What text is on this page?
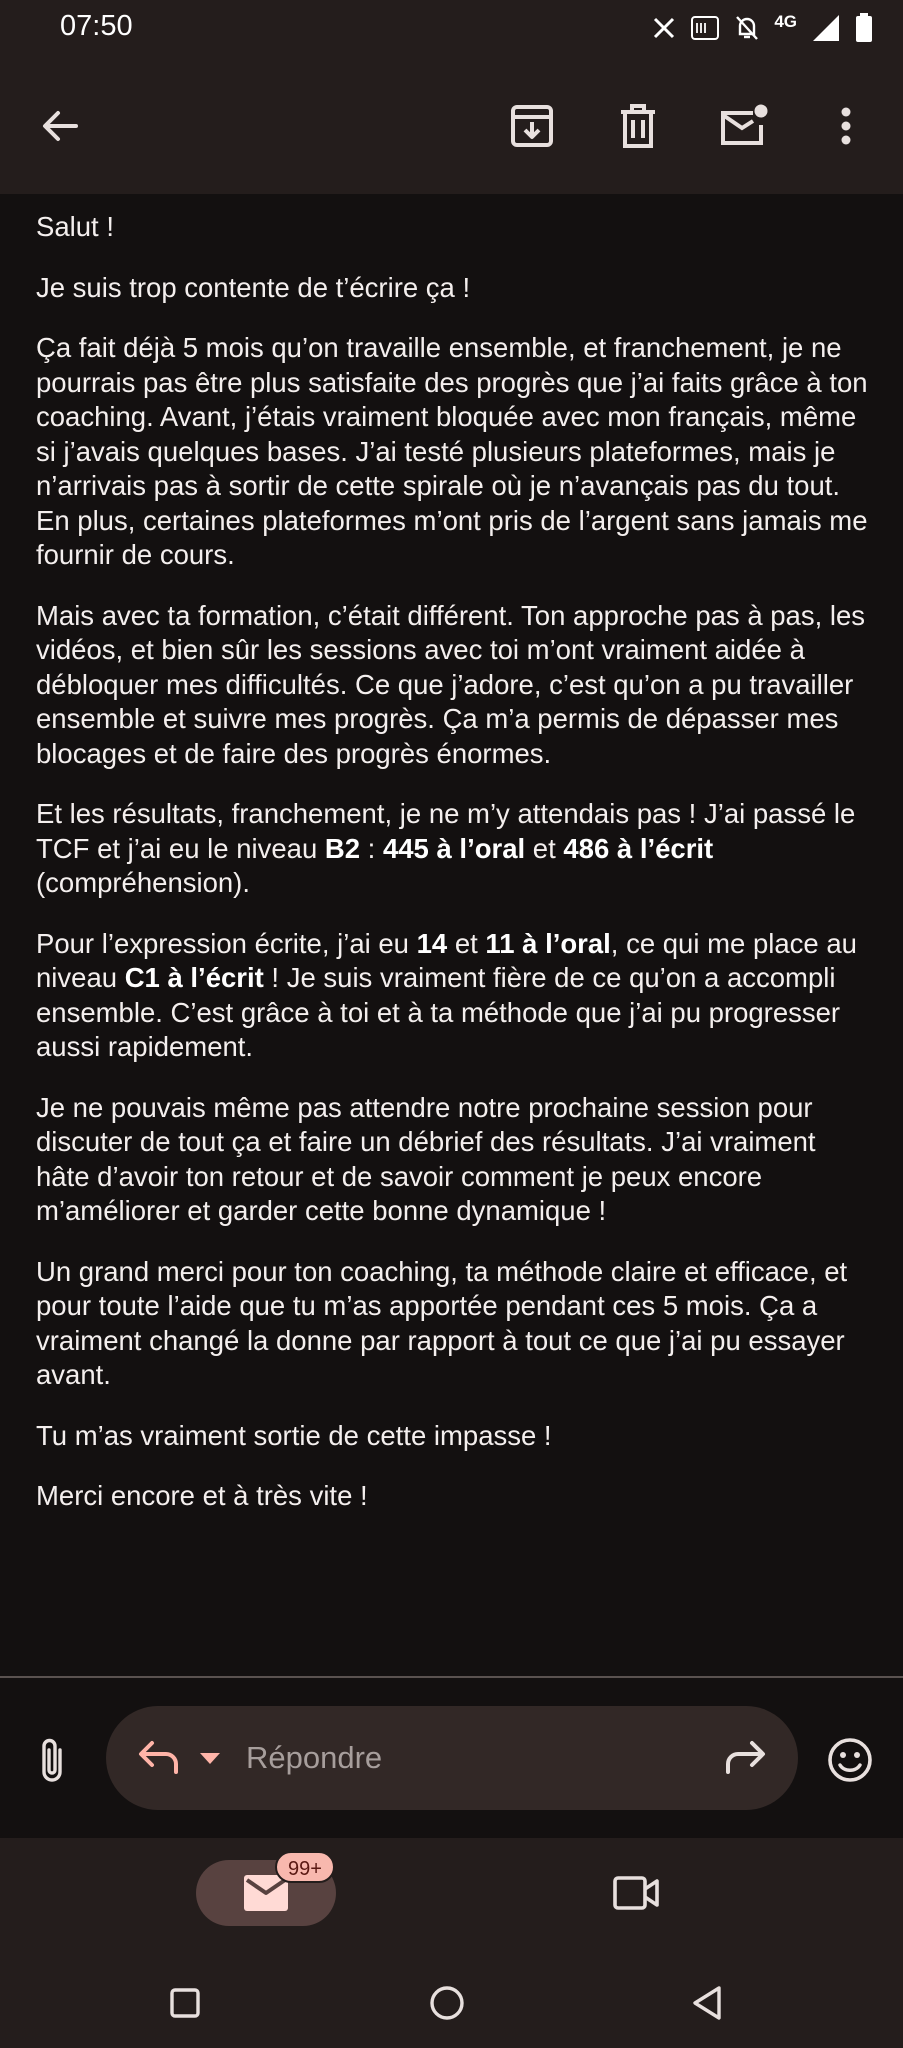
07:50	4G

Salut !

Je suis trop contente de t’écrire ça !

Ça fait déjà 5 mois qu’on travaille ensemble, et franchement, je ne pourrais pas être plus satisfaite des progrès que j’ai faits grâce à ton coaching. Avant, j’étais vraiment bloquée avec mon français, même si j’avais quelques bases. J’ai testé plusieurs plateformes, mais je n’arrivais pas à sortir de cette spirale où je n’avançais pas du tout. En plus, certaines plateformes m’ont pris de l’argent sans jamais me fournir de cours.

Mais avec ta formation, c’était différent. Ton approche pas à pas, les vidéos, et bien sûr les sessions avec toi m’ont vraiment aidée à débloquer mes difficultés. Ce que j’adore, c’est qu’on a pu travailler ensemble et suivre mes progrès. Ça m’a permis de dépasser mes blocages et de faire des progrès énormes.

Et les résultats, franchement, je ne m’y attendais pas ! J’ai passé le TCF et j’ai eu le niveau B2 : 445 à l’oral et 486 à l’écrit (compréhension).

Pour l’expression écrite, j’ai eu 14 et 11 à l’oral, ce qui me place au niveau C1 à l’écrit ! Je suis vraiment fière de ce qu’on a accompli ensemble. C’est grâce à toi et à ta méthode que j’ai pu progresser aussi rapidement.

Je ne pouvais même pas attendre notre prochaine session pour discuter de tout ça et faire un débrief des résultats. J’ai vraiment hâte d’avoir ton retour et de savoir comment je peux encore m’améliorer et garder cette bonne dynamique !

Un grand merci pour ton coaching, ta méthode claire et efficace, et pour toute l’aide que tu m’as apportée pendant ces 5 mois. Ça a vraiment changé la donne par rapport à tout ce que j’ai pu essayer avant.

Tu m’as vraiment sortie de cette impasse !

Merci encore et à très vite !

Répondre
99+
